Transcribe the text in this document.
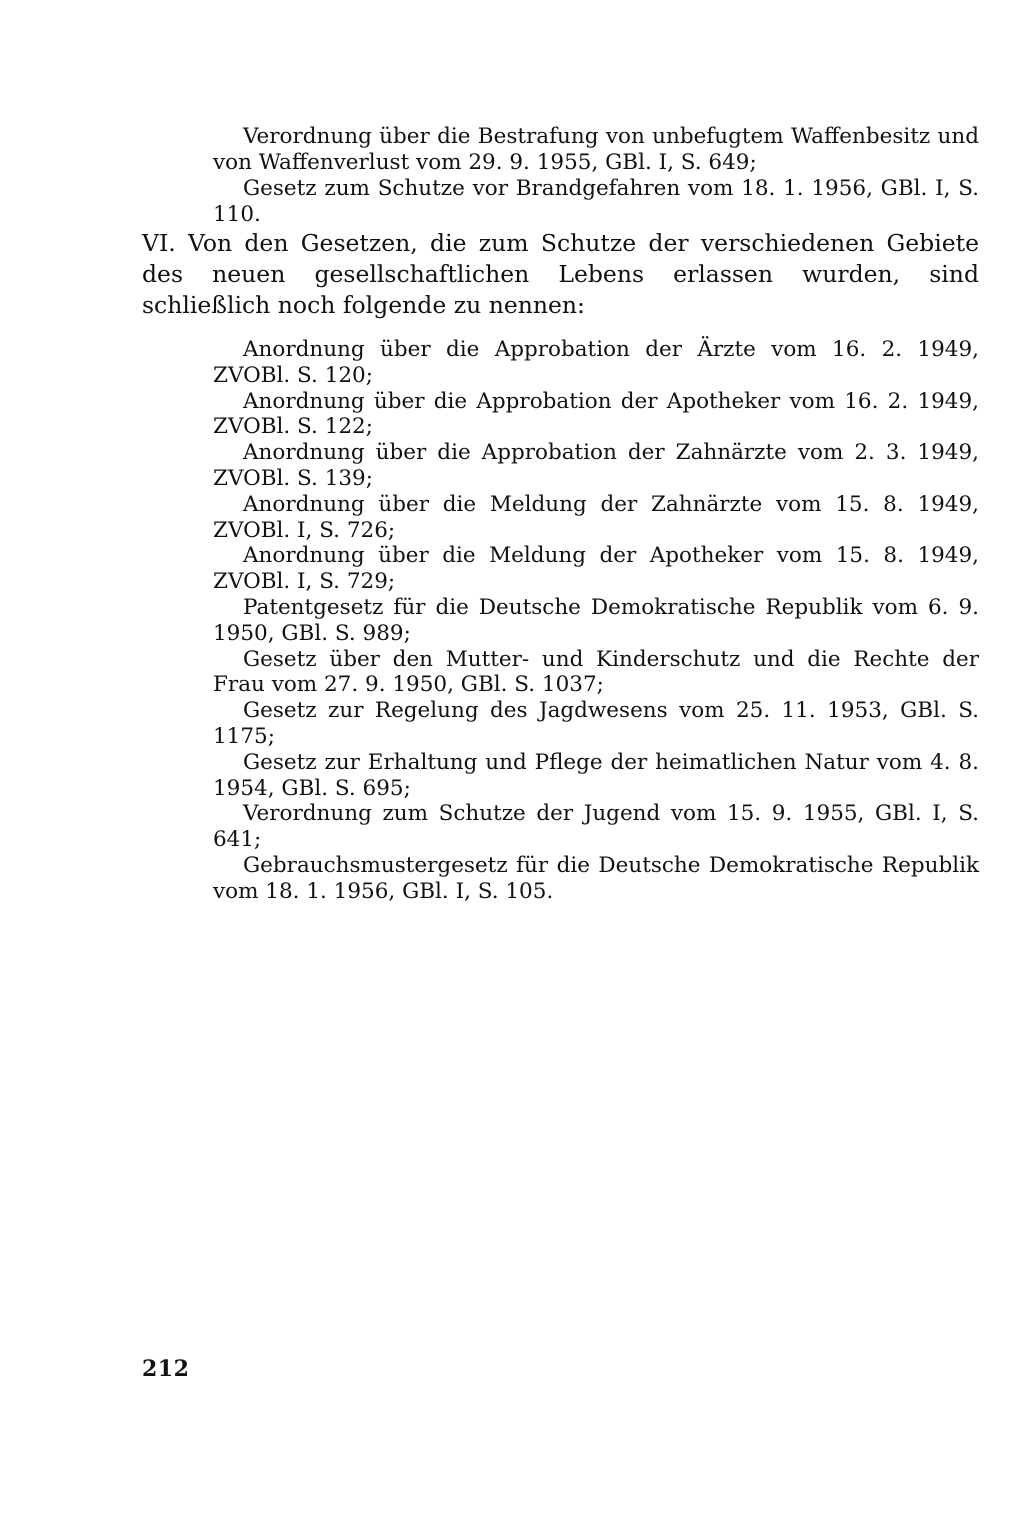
Verordnung über die Bestrafung von unbefugtem Waffenbesitz und von Waffenverlust vom 29. 9. 1955, GBl. I, S. 649;

Gesetz zum Schutze vor Brandgefahren vom 18. 1. 1956, GBl. I, S. 110.

VI. Von den Gesetzen, die zum Schutze der verschiedenen Gebiete des neuen gesellschaftlichen Lebens erlassen wurden, sind schließlich noch folgende zu nennen:

Anordnung über die Approbation der Ärzte vom 16. 2. 1949, ZVOBl. S. 120;

Anordnung über die Approbation der Apotheker vom 16. 2. 1949, ZVOBl. S. 122;

Anordnung über die Approbation der Zahnärzte vom 2. 3. 1949, ZVOBl. S. 139;

Anordnung über die Meldung der Zahnärzte vom 15. 8. 1949, ZVOBl. I, S. 726;

Anordnung über die Meldung der Apotheker vom 15. 8. 1949, ZVOBl. I, S. 729;

Patentgesetz für die Deutsche Demokratische Republik vom 6. 9. 1950, GBl. S. 989;

Gesetz über den Mutter- und Kinderschutz und die Rechte der Frau vom 27. 9. 1950, GBl. S. 1037;

Gesetz zur Regelung des Jagdwesens vom 25. 11. 1953, GBl. S. 1175;

Gesetz zur Erhaltung und Pflege der heimatlichen Natur vom 4. 8. 1954, GBl. S. 695;

Verordnung zum Schutze der Jugend vom 15. 9. 1955, GBl. I, S. 641;

Gebrauchsmustergesetz für die Deutsche Demokratische Republik vom 18. 1. 1956, GBl. I, S. 105.

212
